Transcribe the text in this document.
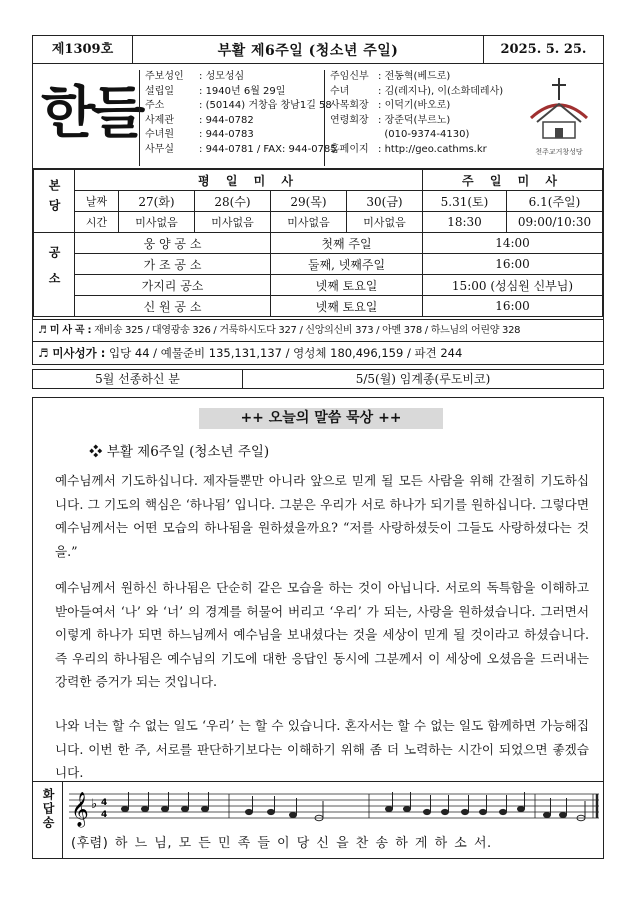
제1309호	부활 제6주일 (청소년 주일)	2025. 5. 25.
한들
주보성인 : 성모성심
설립일	: 1940년 6월 29일
주소	: (50144) 거창읍 창남1길 58
사제관	: 944-0782
수녀원	: 944-0783
사무실	: 944-0781 / FAX: 944-0785
주임신부 : 전동혁(베드로)
수녀	: 김(레지나), 이(소화데레사)
사목회장 : 이덕기(바오로)
연령회장 : 장준덕(부르노)
(010-9374-4130)
홈페이지 : http://geo.cathms.kr	천주교거창성당
본당	평 일 미 사					주 일 미 사	
	날짜	27(화)	28(수)	29(목)	30(금)	5.31(토)	6.1(주일)
	시간	미사없음	미사없음	미사없음	미사없음	18:30	09:00/10:30
공소	웅 양 공 소			첫째 주일		14:00	
	가 조 공 소			둘째, 넷째주일		16:00	
	가지리 공소			넷째 토요일		15:00 (성심원 신부님)	
	신 원 공 소			넷째 토요일		16:00	
♬ 미 사 곡 : 재비송 325 / 대영광송 326 / 거룩하시도다 327 / 신앙의신비 373 / 아멘 378 / 하느님의 어린양 328
♬ 미사성가 : 입당 44 / 예물준비 135,131,137 / 영성체 180,496,159 / 파견 244
5월 선종하신 분	5/5(월) 임계종(루도비코)
++ 오늘의 말씀 묵상 ++
❖ 부활 제6주일 (청소년 주일)
예수님께서 기도하십니다. 제자들뿐만 아니라 앞으로 믿게 될 모든 사람을 위해 간절히 기도하십니다. 그 기도의 핵심은 ‘하나됨’ 입니다. 그분은 우리가 서로 하나가 되기를 원하십니다. 그렇다면 예수님께서는 어떤 모습의 하나됨을 원하셨을까요? “저를 사랑하셨듯이 그들도 사랑하셨다는 것을.”
예수님께서 원하신 하나됨은 단순히 같은 모습을 하는 것이 아닙니다. 서로의 독특함을 이해하고 받아들여서 ‘나’ 와 ‘너’ 의 경계를 허물어 버리고 ‘우리’ 가 되는, 사랑을 원하셨습니다. 그러면서 이렇게 하나가 되면 하느님께서 예수님을 보내셨다는 것을 세상이 믿게 될 것이라고 하셨습니다. 즉 우리의 하나됨은 예수님의 기도에 대한 응답인 동시에 그분께서 이 세상에 오셨음을 드러내는 강력한 증거가 되는 것입니다.
나와 너는 할 수 없는 일도 ‘우리’ 는 할 수 있습니다. 혼자서는 할 수 없는 일도 함께하면 가능해집니다. 이번 한 주, 서로를 판단하기보다는 이해하기 위해 좀 더 노력하는 시간이 되었으면 좋겠습니다.
화답송 𝄞 ♭ 4
4
(후렴) 하 느 님, 모 든 민 족 들 이 당 신 을 찬 송 하 게 하 소 서.
